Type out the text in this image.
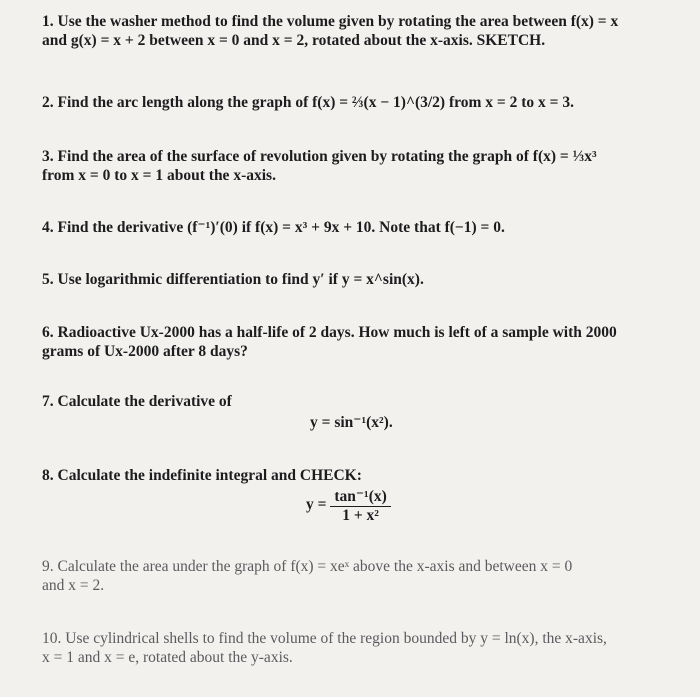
1. Use the washer method to find the volume given by rotating the area between f(x) = x
and g(x) = x + 2 between x = 0 and x = 2, rotated about the x-axis. SKETCH.
2. Find the arc length along the graph of f(x) = ⅔(x − 1)^(3/2) from x = 2 to x = 3.
3. Find the area of the surface of revolution given by rotating the graph of f(x) = ⅓x³
from x = 0 to x = 1 about the x-axis.
4. Find the derivative (f⁻¹)′(0) if f(x) = x³ + 9x + 10. Note that f(−1) = 0.
5. Use logarithmic differentiation to find y′ if y = x^sin(x).
6. Radioactive Ux-2000 has a half-life of 2 days. How much is left of a sample with 2000
grams of Ux-2000 after 8 days?
7. Calculate the derivative of
y = sin⁻¹(x²).
8. Calculate the indefinite integral and CHECK:
$y = \frac{\text{tan⁻¹(x)}}{\text{1 + x²}}$
9. Calculate the area under the graph of f(x) = xeˣ above the x-axis and between x = 0
and x = 2.
10. Use cylindrical shells to find the volume of the region bounded by y = ln(x), the x-axis,
x = 1 and x = e, rotated about the y-axis.
